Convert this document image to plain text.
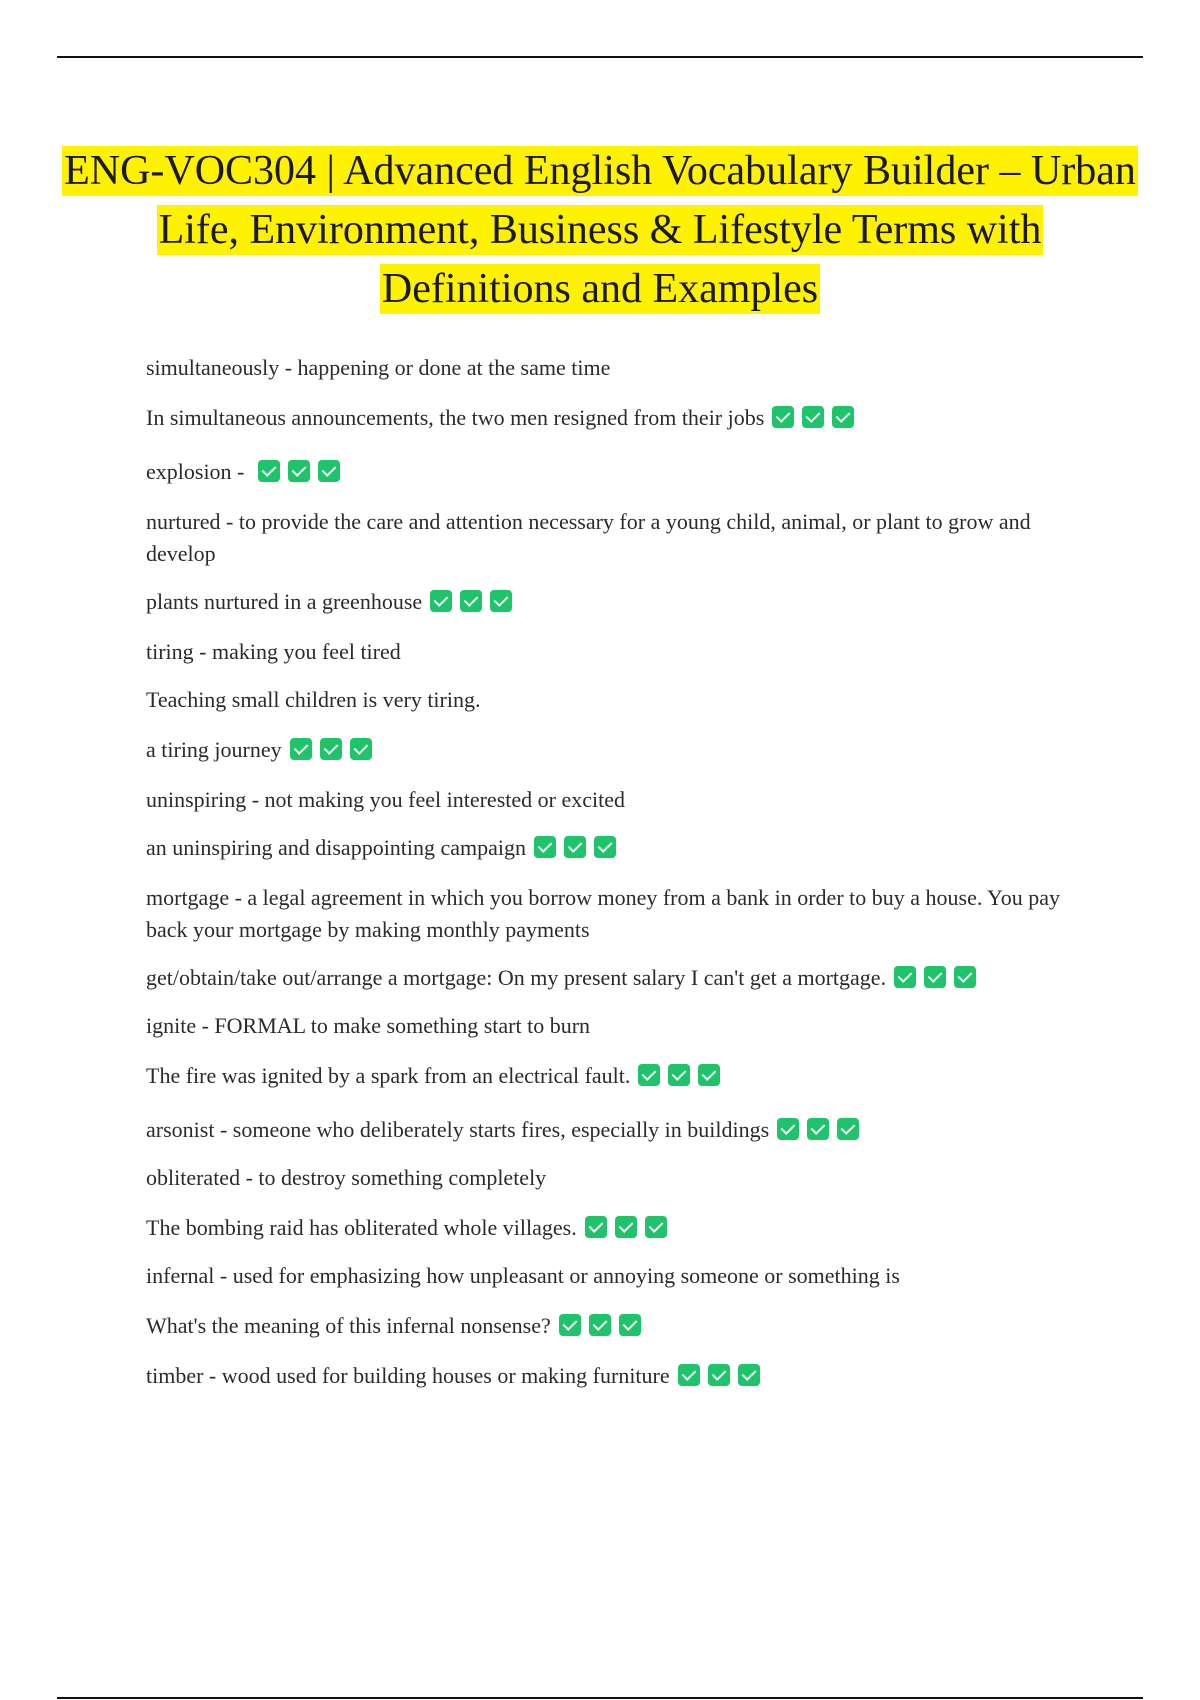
ENG-VOC304 | Advanced English Vocabulary Builder – Urban Life, Environment, Business & Lifestyle Terms with Definitions and Examples

simultaneously - happening or done at the same time

In simultaneous announcements, the two men resigned from their jobs

explosion -

nurtured - to provide the care and attention necessary for a young child, animal, or plant to grow and develop

plants nurtured in a greenhouse

tiring - making you feel tired

Teaching small children is very tiring.

a tiring journey

uninspiring - not making you feel interested or excited

an uninspiring and disappointing campaign

mortgage - a legal agreement in which you borrow money from a bank in order to buy a house. You pay back your mortgage by making monthly payments

get/obtain/take out/arrange a mortgage: On my present salary I can't get a mortgage.

ignite - FORMAL to make something start to burn

The fire was ignited by a spark from an electrical fault.

arsonist - someone who deliberately starts fires, especially in buildings

obliterated - to destroy something completely

The bombing raid has obliterated whole villages.

infernal - used for emphasizing how unpleasant or annoying someone or something is

What's the meaning of this infernal nonsense?

timber - wood used for building houses or making furniture
